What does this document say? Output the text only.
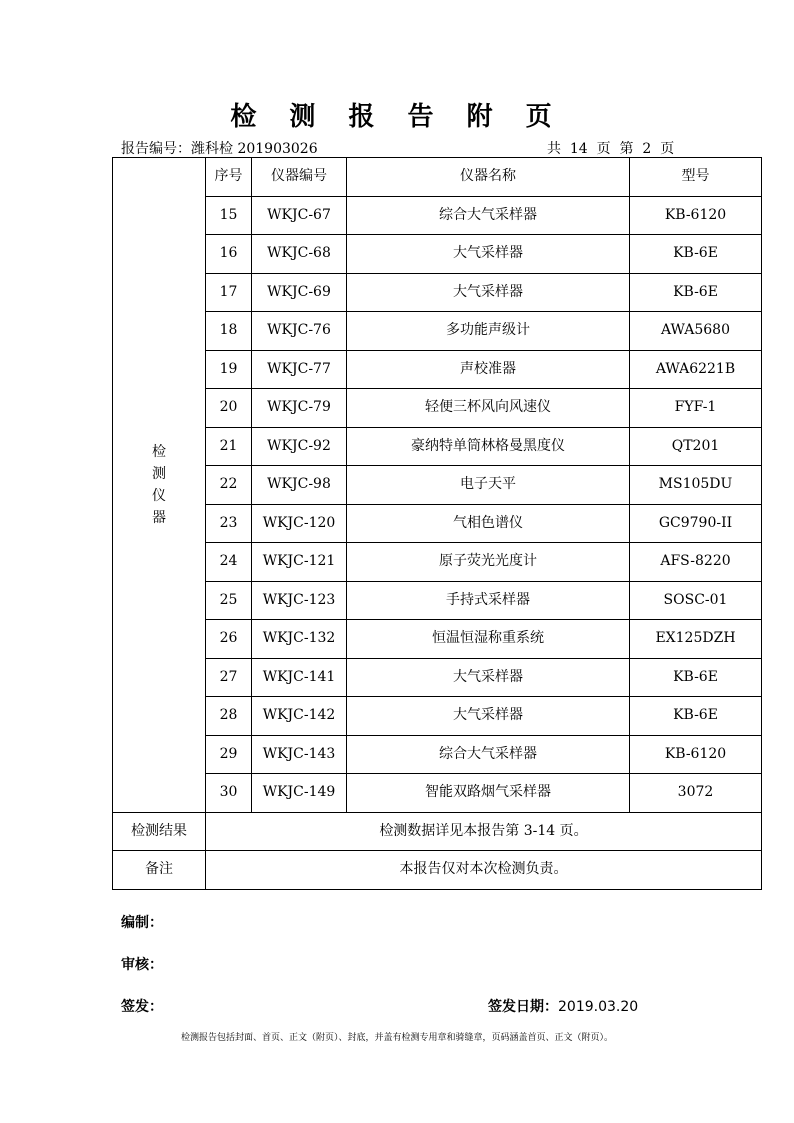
检 测 报 告 附 页
报告编号：潍科检 201903026	共  14  页  第  2  页
检测仪器	序号	仪器编号	仪器名称	型号
	15	WKJC-67	综合大气采样器	KB-6120
	16	WKJC-68	大气采样器	KB-6E
	17	WKJC-69	大气采样器	KB-6E
	18	WKJC-76	多功能声级计	AWA5680
	19	WKJC-77	声校准器	AWA6221B
	20	WKJC-79	轻便三杯风向风速仪	FYF-1
	21	WKJC-92	豪纳特单筒林格曼黑度仪	QT201
	22	WKJC-98	电子天平	MS105DU
	23	WKJC-120	气相色谱仪	GC9790-II
	24	WKJC-121	原子荧光光度计	AFS-8220
	25	WKJC-123	手持式采样器	SOSC-01
	26	WKJC-132	恒温恒湿称重系统	EX125DZH
	27	WKJC-141	大气采样器	KB-6E
	28	WKJC-142	大气采样器	KB-6E
	29	WKJC-143	综合大气采样器	KB-6120
	30	WKJC-149	智能双路烟气采样器	3072
检测结果	检测数据详见本报告第 3-14 页。			
备注	本报告仅对本次检测负责。			
编制：
审核：
签发：	签发日期：2019.03.20
检测报告包括封面、首页、正文（附页）、封底，并盖有检测专用章和骑缝章，页码涵盖首页、正文（附页）。
